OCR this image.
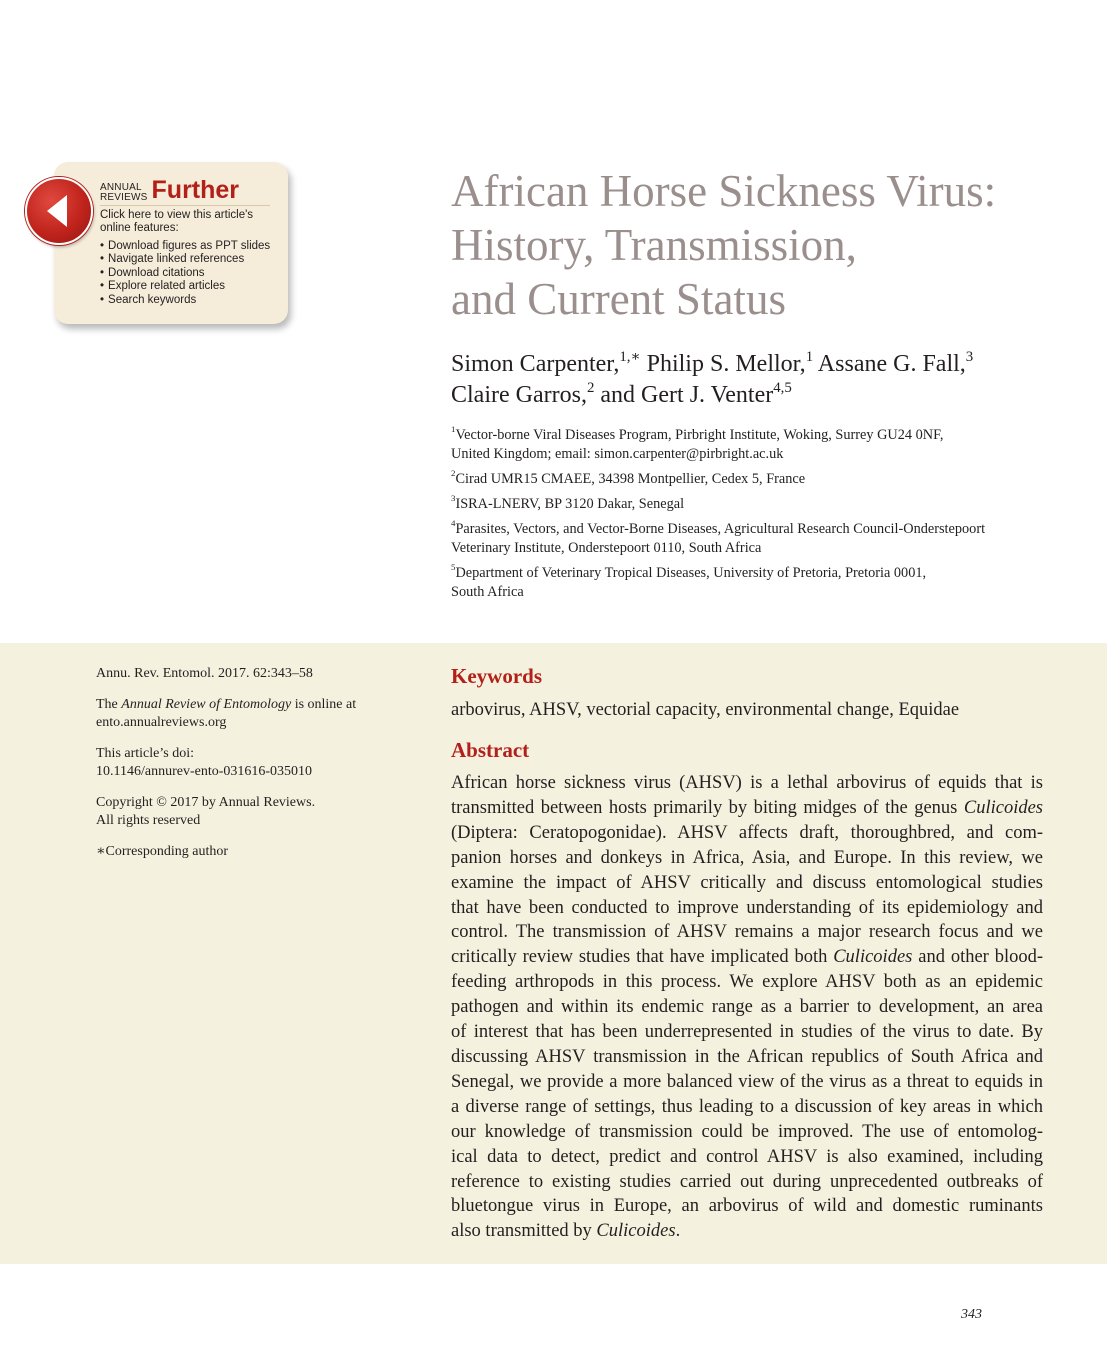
ANNUAL
REVIEWS Further
Click here to view this article's
online features:
• Download figures as PPT slides
• Navigate linked references
• Download citations
• Explore related articles
• Search keywords
African Horse Sickness Virus:
History, Transmission,
and Current Status
Simon Carpenter,$^{1,∗}$ Philip S. Mellor,$^1$ Assane G. Fall,$^3$
Claire Garros,$^2$ and Gert J. Venter$^{4,5}$
$^1$Vector-borne Viral Diseases Program, Pirbright Institute, Woking, Surrey GU24 0NF,
United Kingdom; email: simon.carpenter@pirbright.ac.uk
$^2$Cirad UMR15 CMAEE, 34398 Montpellier, Cedex 5, France
$^3$ISRA-LNERV, BP 3120 Dakar, Senegal
$^4$Parasites, Vectors, and Vector-Borne Diseases, Agricultural Research Council-Onderstepoort
Veterinary Institute, Onderstepoort 0110, South Africa
$^5$Department of Veterinary Tropical Diseases, University of Pretoria, Pretoria 0001,
South Africa

Annu. Rev. Entomol. 2017. 62:343–58

The Annual Review of Entomology is online at
ento.annualreviews.org

This article’s doi:
10.1146/annurev-ento-031616-035010

Copyright © 2017 by Annual Reviews.
All rights reserved

∗Corresponding author

Keywords
arbovirus, AHSV, vectorial capacity, environmental change, Equidae
Abstract

African horse sickness virus (AHSV) is a lethal arbovirus of equids that is
transmitted between hosts primarily by biting midges of the genus Culicoides
(Diptera: Ceratopogonidae). AHSV affects draft, thoroughbred, and com-
panion horses and donkeys in Africa, Asia, and Europe. In this review, we
examine the impact of AHSV critically and discuss entomological studies
that have been conducted to improve understanding of its epidemiology and
control. The transmission of AHSV remains a major research focus and we
critically review studies that have implicated both Culicoides and other blood-
feeding arthropods in this process. We explore AHSV both as an epidemic
pathogen and within its endemic range as a barrier to development, an area
of interest that has been underrepresented in studies of the virus to date. By
discussing AHSV transmission in the African republics of South Africa and
Senegal, we provide a more balanced view of the virus as a threat to equids in
a diverse range of settings, thus leading to a discussion of key areas in which
our knowledge of transmission could be improved. The use of entomolog-
ical data to detect, predict and control AHSV is also examined, including
reference to existing studies carried out during unprecedented outbreaks of
bluetongue virus in Europe, an arbovirus of wild and domestic ruminants
also transmitted by Culicoides.

343
